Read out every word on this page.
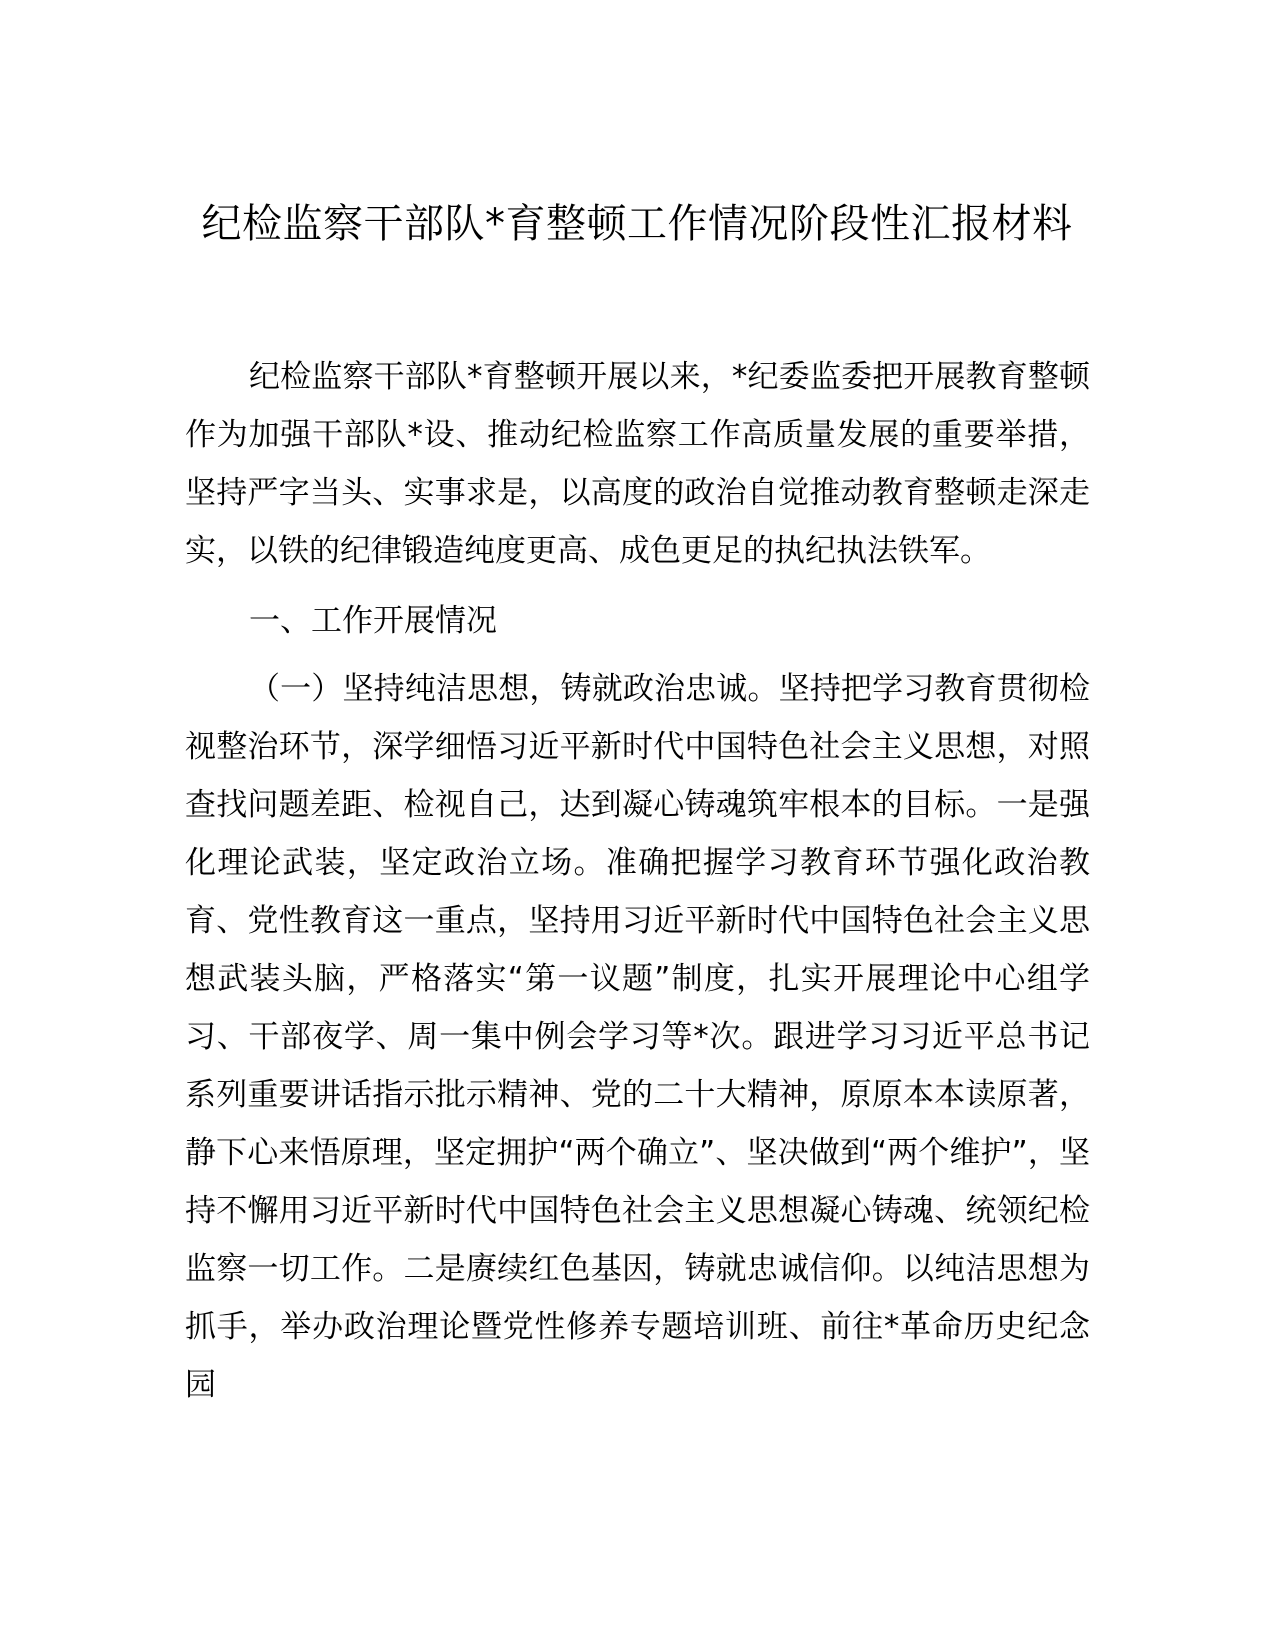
纪检监察干部队*育整顿工作情况阶段性汇报材料

纪检监察干部队*育整顿开展以来，*纪委监委把开展教育整顿作为加强干部队*设、推动纪检监察工作高质量发展的重要举措，坚持严字当头、实事求是，以高度的政治自觉推动教育整顿走深走实，以铁的纪律锻造纯度更高、成色更足的执纪执法铁军。

一、工作开展情况

（一）坚持纯洁思想，铸就政治忠诚。坚持把学习教育贯彻检视整治环节，深学细悟习近平新时代中国特色社会主义思想，对照查找问题差距、检视自己，达到凝心铸魂筑牢根本的目标。一是强化理论武装，坚定政治立场。准确把握学习教育环节强化政治教育、党性教育这一重点，坚持用习近平新时代中国特色社会主义思想武装头脑，严格落实“第一议题”制度，扎实开展理论中心组学习、干部夜学、周一集中例会学习等*次。跟进学习习近平总书记系列重要讲话指示批示精神、党的二十大精神，原原本本读原著，静下心来悟原理，坚定拥护“两个确立”、坚决做到“两个维护”，坚持不懈用习近平新时代中国特色社会主义思想凝心铸魂、统领纪检监察一切工作。二是赓续红色基因，铸就忠诚信仰。以纯洁思想为抓手，举办政治理论暨党性修养专题培训班、前往*革命历史纪念园
